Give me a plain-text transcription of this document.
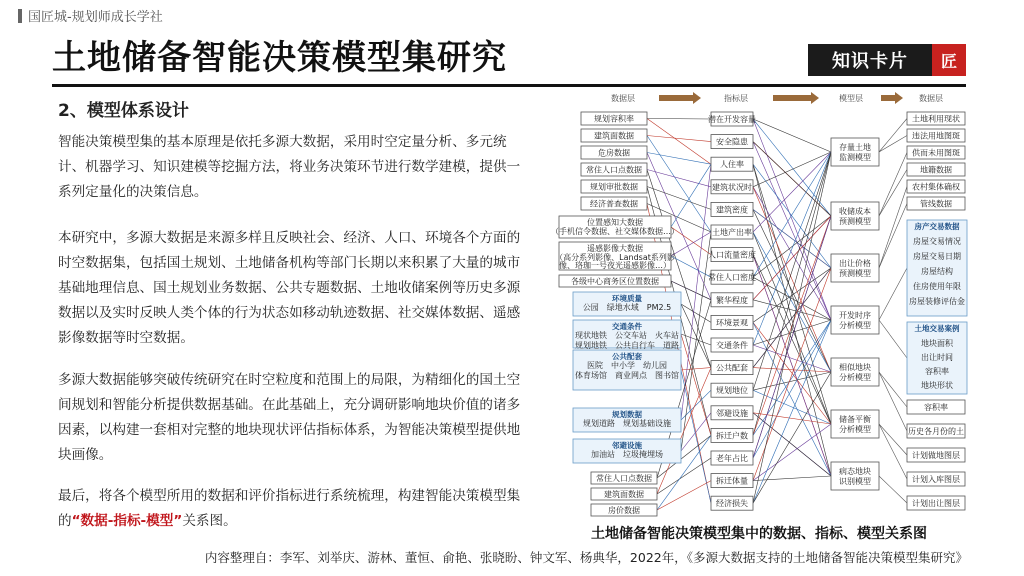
国匠城-规划师成长学社
土地储备智能决策模型集研究	知识卡片	匠
2、模型体系设计
智能决策模型集的基本原理是依托多源大数据，采用时空定量分析、多元统计、机器学习、知识建模等挖掘方法，将业务决策环节进行数学建模，提供一系列定量化的决策信息。
本研究中，多源大数据是来源多样且反映社会、经济、人口、环境各个方面的时空数据集，包括国土规划、土地储备机构等部门长期以来积累了大量的城市基础地理信息、国土规划业务数据、公共专题数据、土地收储案例等历史多源数据以及实时反映人类个体的行为状态如移动轨迹数据、社交媒体数据、遥感影像数据等时空数据。
多源大数据能够突破传统研究在时空粒度和范围上的局限，为精细化的国土空间规划和智能分析提供数据基础。在此基础上，充分调研影响地块价值的诸多因素，以构建一套相对完整的地块现状评估指标体系，为智能决策模型提供地块画像。
最后，将各个模型所用的数据和评价指标进行系统梳理，构建智能决策模型集的“数据-指标-模型”关系图。
数据层	指标层	模型层	数据层
规划容积率
建筑面数据
危房数据
常住人口点数据
规划审批数据
经济普查数据
位置感知大数据
（手机信令数据、社交媒体数据…）
遥感影像大数据
（高分系列影像、Landsat系列影
像、珞珈一号夜光遥感影像…）
各级中心商务区位置数据
环境质量
公园　绿地水域　PM2.5
交通条件
现状地铁　公交车站　火车站
规划地铁　公共自行车　道路
公共配套
医院　中小学　幼儿园
体育场馆　商业网点　图书馆
规划数据
规划道路　规划基础设施
邻避设施
加油站　垃圾掩埋场
常住人口点数据
建筑面数据
房价数据
潜在开发容量
安全隐患
人住率
建筑状况时
建筑密度
土地产出率
人口流量密度
常住人口密度
繁华程度
环境景观
交通条件
公共配套
规划地位
邻避设施
拆迁户数
老年占比
拆迁体量
经济损失
存量土地
监测模型
收储成本
预测模型
出让价格
预测模型
开发时序
分析模型
相似地块
分析模型
储备平衡
分析模型
病态地块
识别模型
土地利用现状
违法用地图斑
供而未用图斑
地籍数据
农村集体确权
管线数据
房产交易数据
房屋交易情况
房屋交易日期
房屋结构
住房使用年限
房屋装修评估金
土地交易案例
地块面积
出让时间
容积率
地块形状
容积率
历史各月份的土
计划做地图层
计划入库图层
计划出让图层
土地储备智能决策模型集中的数据、指标、模型关系图
内容整理自：李军、刘举庆、游林、董恒、俞艳、张晓盼、钟文军、杨典华，2022年，《多源大数据支持的土地储备智能决策模型集研究》
